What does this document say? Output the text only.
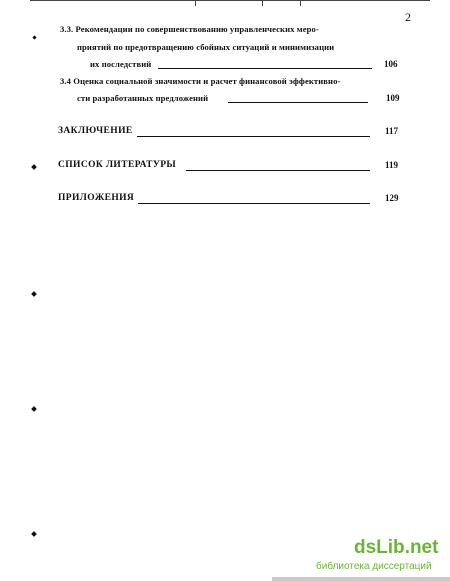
2
3.3. Рекомендации по совершенствованию управленческих меро-
приятий по предотвращению сбойных ситуаций и минимизации
их последствий	106
3.4 Оценка социальной значимости и расчет финансовой эффективно-
сти разработанных предложений	109
ЗАКЛЮЧЕНИЕ	117
СПИСОК ЛИТЕРАТУРЫ	119
ПРИЛОЖЕНИЯ	129
dsLib.net
библиотека диссертаций
